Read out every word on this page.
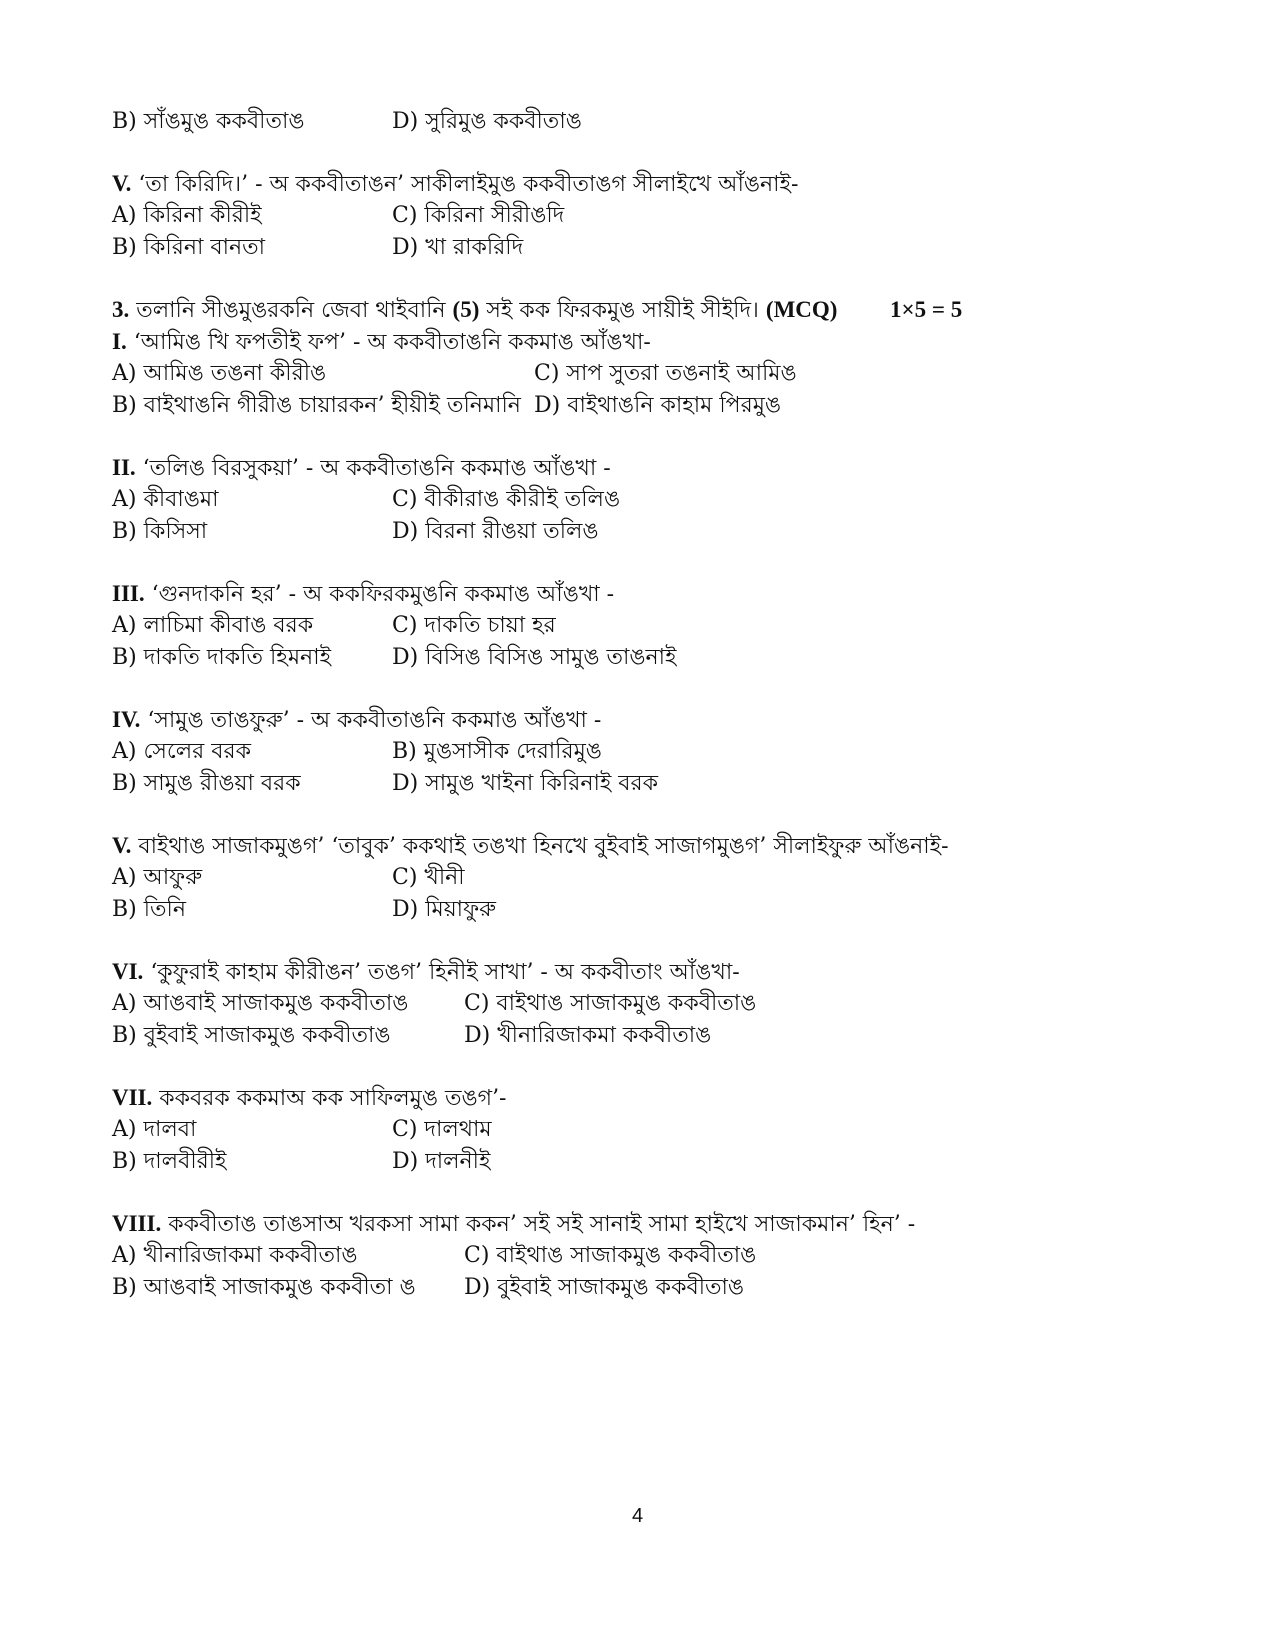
B) সাঁঙমুঙ ককবীতাঙ	D) সুরিমুঙ ককবীতাঙ
V. ‘তা কিরিদি।’ - অ ককবীতাঙন’ সাকীলাইমুঙ ককবীতাঙগ সীলাইখে আঁঙনাই-
A) কিরিনা কীরীই	C) কিরিনা সীরীঙদি
B) কিরিনা বানতা	D) খা রাকরিদি
3. তলানি সীঙমুঙরকনি জেবা থাইবানি (5) সই কক ফিরকমুঙ সায়ীই সীইদি। (MCQ) 1×5 = 5
I. ‘আমিঙ খি ফপতীই ফপ’ - অ ককবীতাঙনি ককমাঙ আঁঙখা-
A) আমিঙ তঙনা কীরীঙ	C) সাপ সুতরা তঙনাই আমিঙ
B) বাইথাঙনি গীরীঙ চায়ারকন’ হীয়ীই তনিমানি D) বাইথাঙনি কাহাম পিরমুঙ
II. ‘তলিঙ বিরসুকয়া’ - অ ককবীতাঙনি ককমাঙ আঁঙখা -
A) কীবাঙমা	C) বীকীরাঙ কীরীই তলিঙ
B) কিসিসা	D) বিরনা রীঙয়া তলিঙ
III. ‘গুনদাকনি হর’ - অ ককফিরকমুঙনি ককমাঙ আঁঙখা -
A) লাচিমা কীবাঙ বরক	C) দাকতি চায়া হর
B) দাকতি দাকতি হিমনাই	D) বিসিঙ বিসিঙ সামুঙ তাঙনাই
IV. ‘সামুঙ তাঙফুরু’ - অ ককবীতাঙনি ককমাঙ আঁঙখা -
A) সেলের বরক	B) মুঙসাসীক দেরারিমুঙ
B) সামুঙ রীঙয়া বরক	D) সামুঙ খাইনা কিরিনাই বরক
V. বাইথাঙ সাজাকমুঙগ’ ‘তাবুক’ ককথাই তঙখা হিনখে বুইবাই সাজাগমুঙগ’ সীলাইফুরু আঁঙনাই-
A) আফুরু	C) খীনী
B) তিনি	D) মিয়াফুরু
VI. ‘কুফুরাই কাহাম কীরীঙন’ তঙগ’ হিনীই সাখা’ - অ ককবীতাং আঁঙখা-
A) আঙবাই সাজাকমুঙ ককবীতাঙ	C) বাইথাঙ সাজাকমুঙ ককবীতাঙ
B) বুইবাই সাজাকমুঙ ককবীতাঙ	D) খীনারিজাকমা ককবীতাঙ
VII. ককবরক ককমাঅ কক সাফিলমুঙ তঙগ’-
A) দালবা	C) দালথাম
B) দালবীরীই	D) দালনীই
VIII. ককবীতাঙ তাঙসাঅ খরকসা সামা ককন’ সই সই সানাই সামা হাইখে সাজাকমান’ হিন’ -
A) খীনারিজাকমা ককবীতাঙ	C) বাইথাঙ সাজাকমুঙ ককবীতাঙ
B) আঙবাই সাজাকমুঙ ককবীতা ঙ D) বুইবাই সাজাকমুঙ ককবীতাঙ
4
